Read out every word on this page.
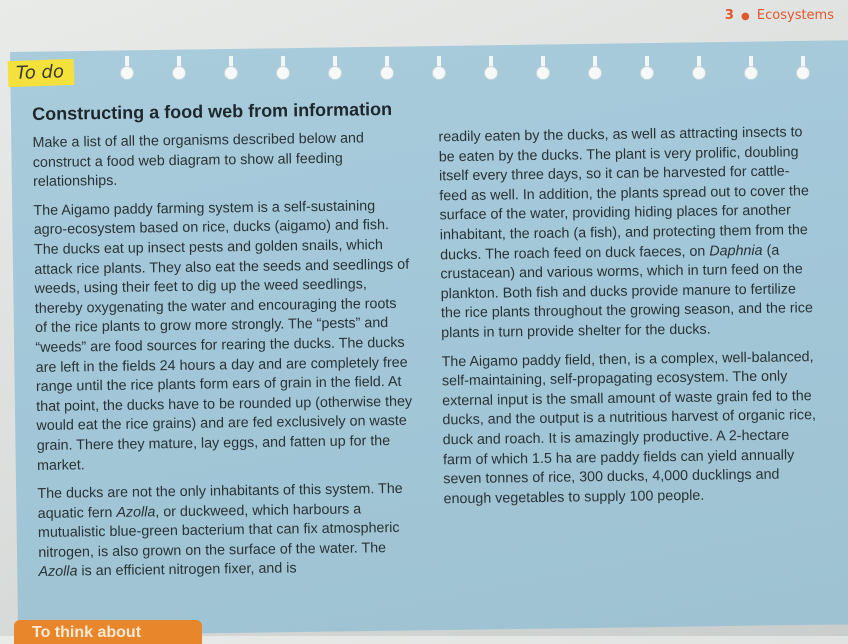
3 ● Ecosystems
To do
Constructing a food web from information

Make a list of all the organisms described below and construct a food web diagram to show all feeding relationships.

The Aigamo paddy farming system is a self-sustaining agro-ecosystem based on rice, ducks (aigamo) and fish. The ducks eat up insect pests and golden snails, which attack rice plants. They also eat the seeds and seedlings of weeds, using their feet to dig up the weed seedlings, thereby oxygenating the water and encouraging the roots of the rice plants to grow more strongly. The “pests” and “weeds” are food sources for rearing the ducks. The ducks are left in the fields 24 hours a day and are completely free range until the rice plants form ears of grain in the field. At that point, the ducks have to be rounded up (otherwise they would eat the rice grains) and are fed exclusively on waste grain. There they mature, lay eggs, and fatten up for the market.

The ducks are not the only inhabitants of this system. The aquatic fern Azolla, or duckweed, which harbours a mutualistic blue-green bacterium that can fix atmospheric nitrogen, is also grown on the surface of the water. The Azolla is an efficient nitrogen fixer, and is

readily eaten by the ducks, as well as attracting insects to be eaten by the ducks. The plant is very prolific, doubling itself every three days, so it can be harvested for cattle-feed as well. In addition, the plants spread out to cover the surface of the water, providing hiding places for another inhabitant, the roach (a fish), and protecting them from the ducks. The roach feed on duck faeces, on Daphnia (a crustacean) and various worms, which in turn feed on the plankton. Both fish and ducks provide manure to fertilize the rice plants throughout the growing season, and the rice plants in turn provide shelter for the ducks.

The Aigamo paddy field, then, is a complex, well-balanced, self-maintaining, self-propagating ecosystem. The only external input is the small amount of waste grain fed to the ducks, and the output is a nutritious harvest of organic rice, duck and roach. It is amazingly productive. A 2-hectare farm of which 1.5 ha are paddy fields can yield annually seven tonnes of rice, 300 ducks, 4,000 ducklings and enough vegetables to supply 100 people.

To think about
